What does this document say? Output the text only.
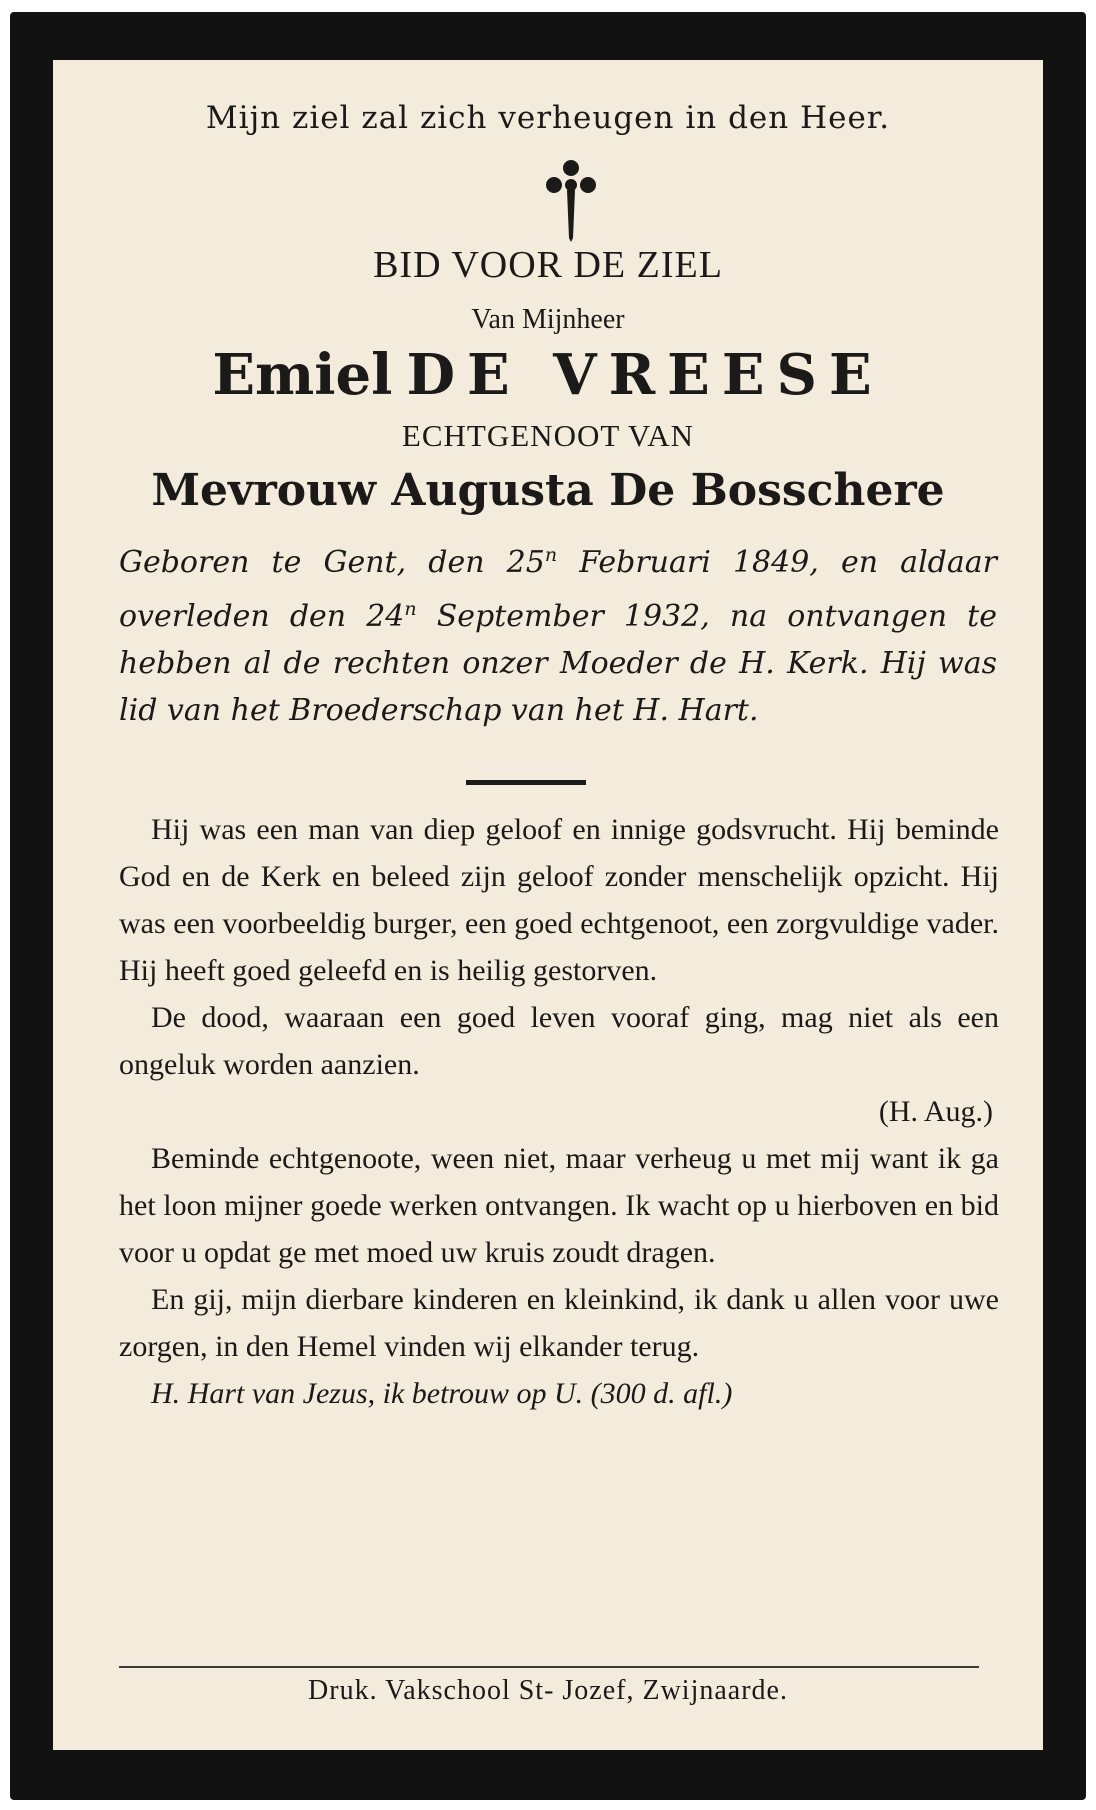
Mijn ziel zal zich verheugen in den Heer.
BID VOOR DE ZIEL
Van Mijnheer
Emiel DE VREESE
ECHTGENOOT VAN
Mevrouw Augusta De Bosschere
Geboren te Gent, den 25$^n$ Februari 1849, en aldaar overleden den 24$^n$ September 1932, na ontvangen te hebben al de rechten onzer Moeder de H. Kerk. Hij was lid van het Broederschap van het H. Hart.

Hij was een man van diep geloof en innige godsvrucht. Hij beminde God en de Kerk en beleed zijn geloof zonder menschelijk opzicht. Hij was een voorbeeldig burger, een goed echtgenoot, een zorgvuldige vader. Hij heeft goed geleefd en is heilig gestorven.

De dood, waaraan een goed leven vooraf ging, mag niet als een ongeluk worden aanzien.

(H. Aug.)

Beminde echtgenoote, ween niet, maar verheug u met mij want ik ga het loon mijner goede werken ontvangen. Ik wacht op u hierboven en bid voor u opdat ge met moed uw kruis zoudt dragen.

En gij, mijn dierbare kinderen en kleinkind, ik dank u allen voor uwe zorgen, in den Hemel vinden wij elkander terug.

H. Hart van Jezus, ik betrouw op U. (300 d. afl.)

Druk. Vakschool St- Jozef, Zwijnaarde.
